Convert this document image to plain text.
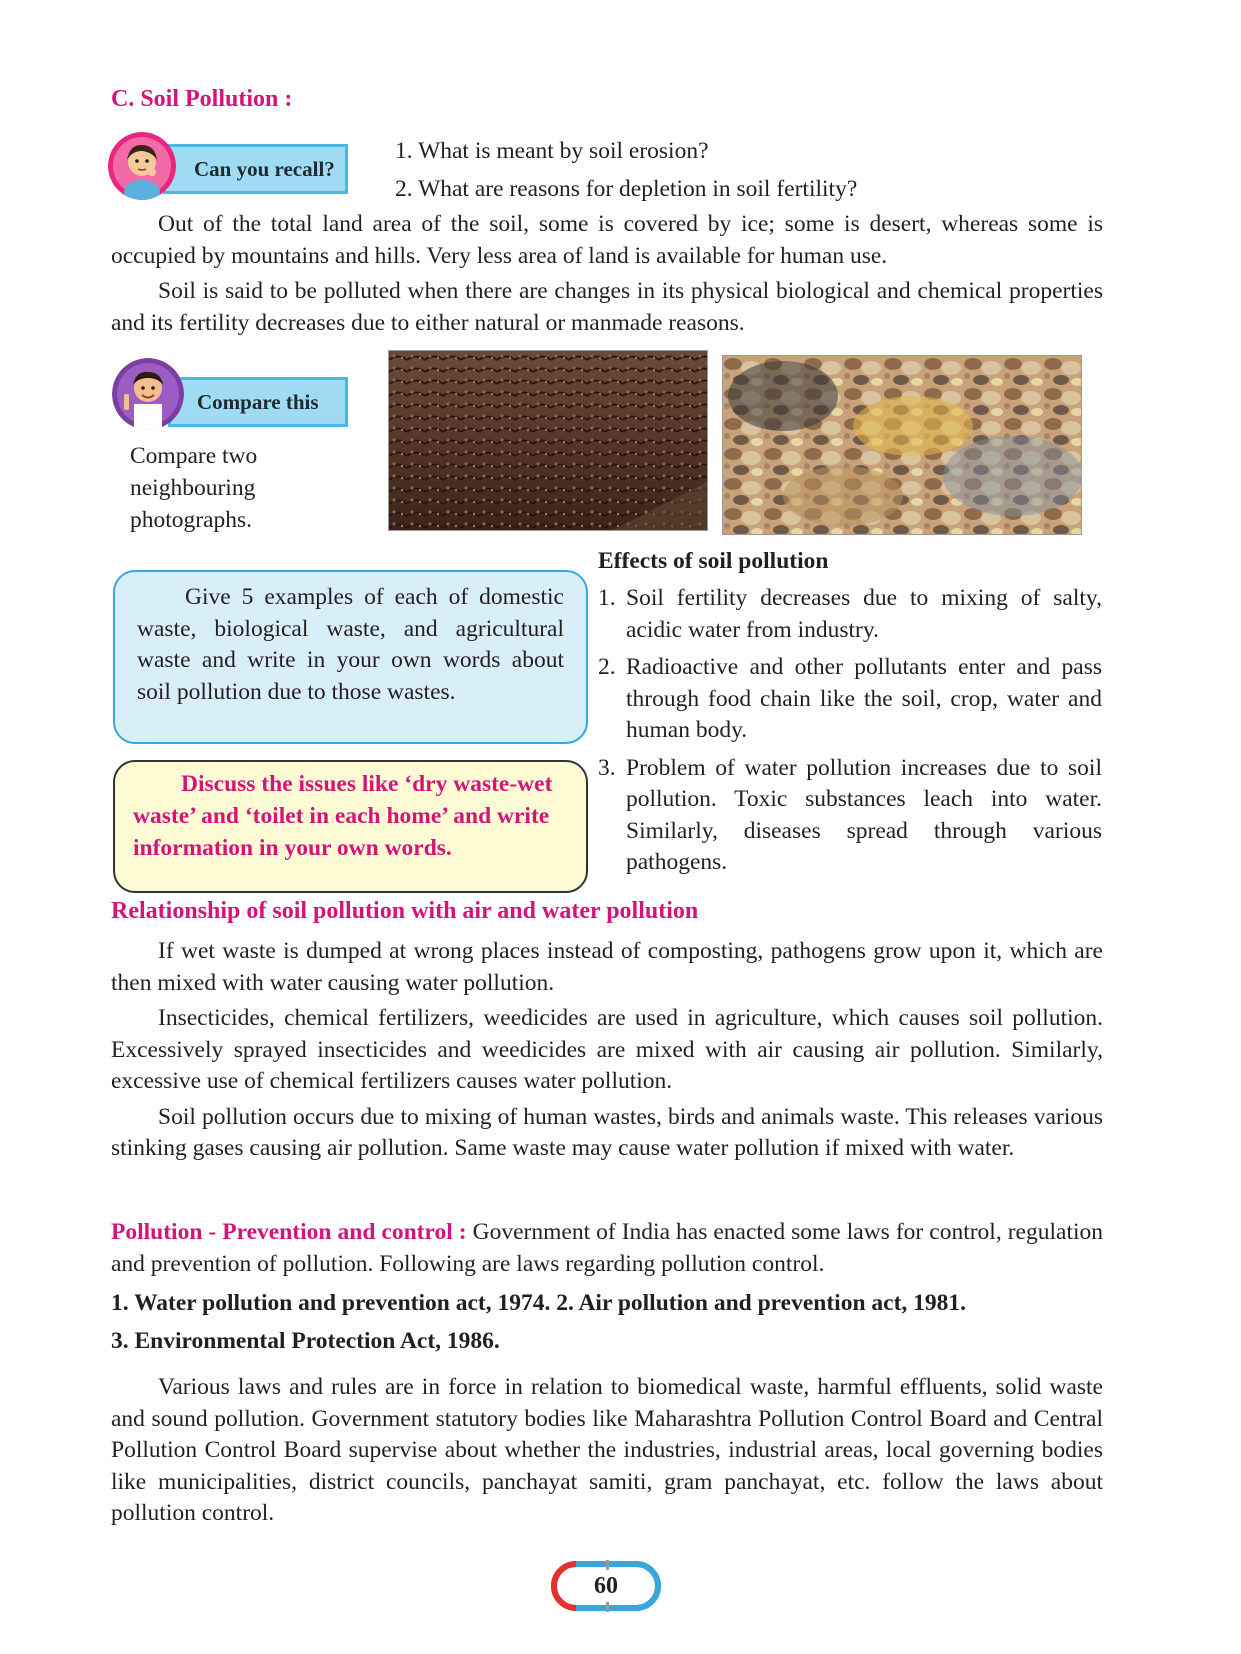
C. Soil Pollution :
Can you recall?
1. What is meant by soil erosion?
2. What are reasons for depletion in soil fertility?

Out of the total land area of the soil, some is covered by ice; some is desert, whereas some is occupied by mountains and hills. Very less area of land is available for human use.

Soil is said to be polluted when there are changes in its physical biological and chemical properties and its fertility decreases due to either natural or manmade reasons.

Compare this
Compare two neighbouring photographs.

Give 5 examples of each of domestic waste, biological waste, and agricultural waste and write in your own words about soil pollution due to those wastes.

Discuss the issues like ‘dry waste-wet waste’ and ‘toilet in each home’ and write information in your own words.

Effects of soil pollution
1. Soil fertility decreases due to mixing of salty, acidic water from industry.
2. Radioactive and other pollutants enter and pass through food chain like the soil, crop, water and human body.
3. Problem of water pollution increases due to soil pollution. Toxic substances leach into water. Similarly, diseases spread through various pathogens.
Relationship of soil pollution with air and water pollution

If wet waste is dumped at wrong places instead of composting, pathogens grow upon it, which are then mixed with water causing water pollution.

Insecticides, chemical fertilizers, weedicides are used in agriculture, which causes soil pollution. Excessively sprayed insecticides and weedicides are mixed with air causing air pollution. Similarly, excessive use of chemical fertilizers causes water pollution.

Soil pollution occurs due to mixing of human wastes, birds and animals waste. This releases various stinking gases causing air pollution. Same waste may cause water pollution if mixed with water.

Pollution - Prevention and control : Government of India has enacted some laws for control, regulation and prevention of pollution. Following are laws regarding pollution control.
1. Water pollution and prevention act, 1974. 2. Air pollution and prevention act, 1981.
3. Environmental Protection Act, 1986.

Various laws and rules are in force in relation to biomedical waste, harmful effluents, solid waste and sound pollution. Government statutory bodies like Maharashtra Pollution Control Board and Central Pollution Control Board supervise about whether the industries, industrial areas, local governing bodies like municipalities, district councils, panchayat samiti, gram panchayat, etc. follow the laws about pollution control.

60
